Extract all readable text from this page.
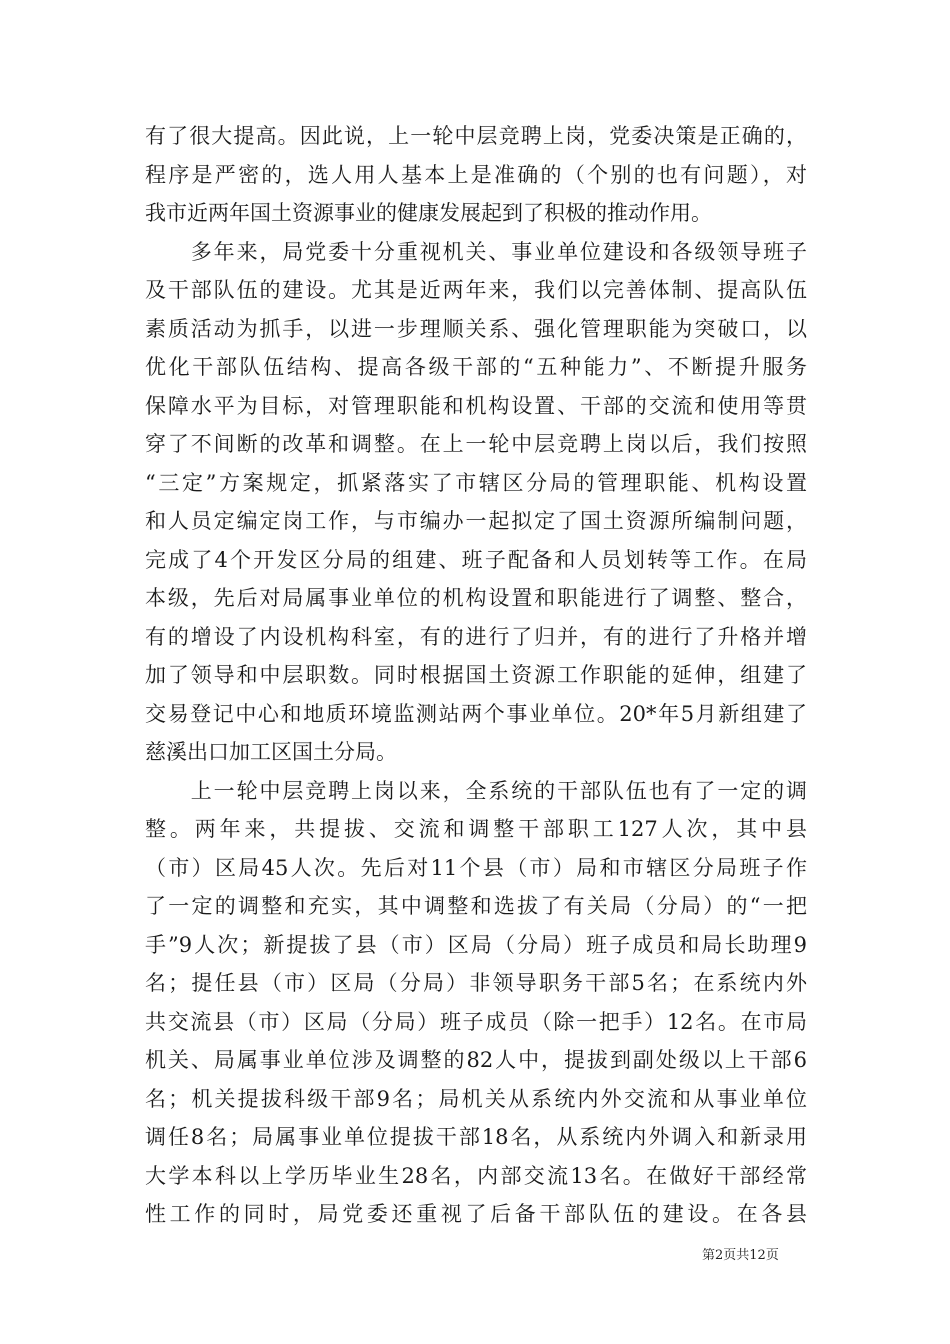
有了很大提高。因此说，上一轮中层竞聘上岗，党委决策是正确的，
程序是严密的，选人用人基本上是准确的（个别的也有问题），对
我市近两年国土资源事业的健康发展起到了积极的推动作用。
　　多年来，局党委十分重视机关、事业单位建设和各级领导班子
及干部队伍的建设。尤其是近两年来，我们以完善体制、提高队伍
素质活动为抓手，以进一步理顺关系、强化管理职能为突破口，以
优化干部队伍结构、提高各级干部的“五种能力”、不断提升服务
保障水平为目标，对管理职能和机构设置、干部的交流和使用等贯
穿了不间断的改革和调整。在上一轮中层竞聘上岗以后，我们按照
“三定”方案规定，抓紧落实了市辖区分局的管理职能、机构设置
和人员定编定岗工作，与市编办一起拟定了国土资源所编制问题，
完成了4个开发区分局的组建、班子配备和人员划转等工作。在局
本级，先后对局属事业单位的机构设置和职能进行了调整、整合，
有的增设了内设机构科室，有的进行了归并，有的进行了升格并增
加了领导和中层职数。同时根据国土资源工作职能的延伸，组建了
交易登记中心和地质环境监测站两个事业单位。20*年5月新组建了
慈溪出口加工区国土分局。
　　上一轮中层竞聘上岗以来，全系统的干部队伍也有了一定的调
整。两年来，共提拔、交流和调整干部职工127人次，其中县
（市）区局45人次。先后对11个县（市）局和市辖区分局班子作
了一定的调整和充实，其中调整和选拔了有关局（分局）的“一把
手”9人次；新提拔了县（市）区局（分局）班子成员和局长助理9
名；提任县（市）区局（分局）非领导职务干部5名；在系统内外
共交流县（市）区局（分局）班子成员（除一把手）12名。在市局
机关、局属事业单位涉及调整的82人中，提拔到副处级以上干部6
名；机关提拔科级干部9名；局机关从系统内外交流和从事业单位
调任8名；局属事业单位提拔干部18名，从系统内外调入和新录用
大学本科以上学历毕业生28名，内部交流13名。在做好干部经常
性工作的同时，局党委还重视了后备干部队伍的建设。在各县
第2页共12页
